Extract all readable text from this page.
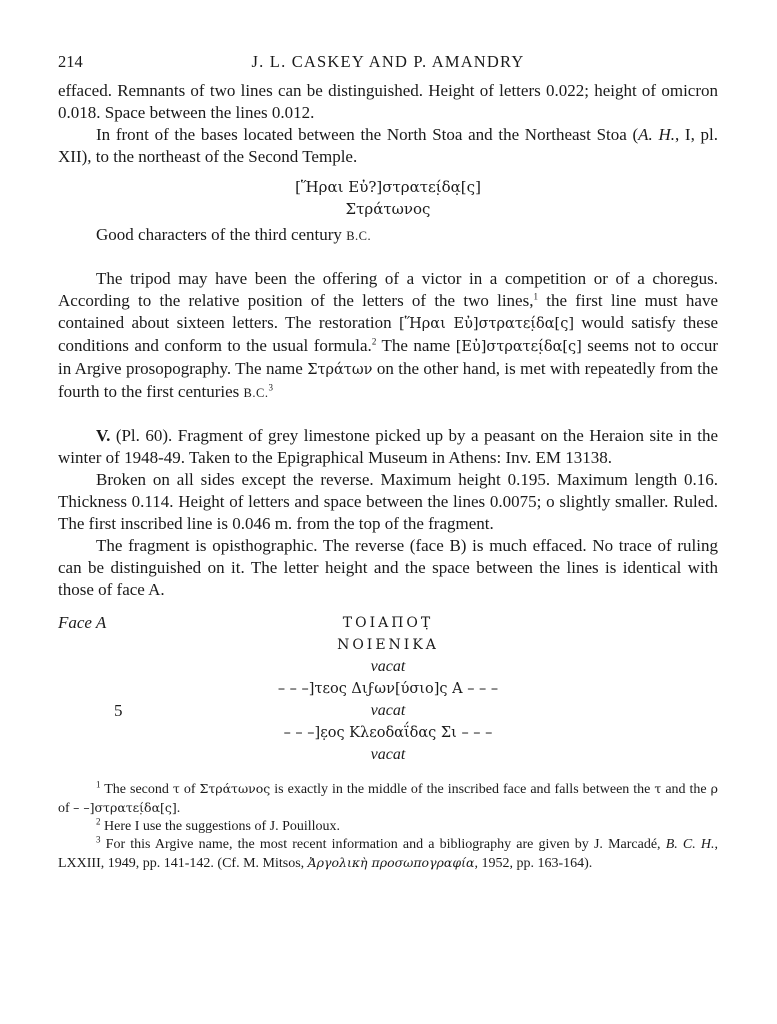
214	J. L. CASKEY AND P. AMANDRY

effaced. Remnants of two lines can be distinguished. Height of letters 0.022; height of omicron 0.018. Space between the lines 0.012.

In front of the bases located between the North Stoa and the Northeast Stoa (A. H., I, pl. XII), to the northeast of the Second Temple.

[Ἥραι Εὐ?]στρατεί̣δα̣[ς]
Στράτωνος

Good characters of the third century B.C.

The tripod may have been the offering of a victor in a competition or of a choregus. According to the relative position of the letters of the two lines,$^1$ the first line must have contained about sixteen letters. The restoration [Ἥραι Εὐ]στρατεί̣δα[ς] would satisfy these conditions and conform to the usual formula.$^2$ The name [Εὐ]στρατεί̣δα[ς] seems not to occur in Argive prosopography. The name Στράτων on the other hand, is met with repeatedly from the fourth to the first centuries B.C.$^3$

V. (Pl. 60). Fragment of grey limestone picked up by a peasant on the Heraion site in the winter of 1948-49. Taken to the Epigraphical Museum in Athens: Inv. EM 13138.

Broken on all sides except the reverse. Maximum height 0.195. Maximum length 0.16. Thickness 0.114. Height of letters and space between the lines 0.0075; o slightly smaller. Ruled. The first inscribed line is 0.046 m. from the top of the fragment.

The fragment is opisthographic. The reverse (face B) is much effaced. No trace of ruling can be distinguished on it. The letter height and the space between the lines is identical with those of face A.

Face A
5
ΤΟΙΑΠΟΤ̣
ΝΟΙΕΝΙΚΑ
vacat
– – –]τεος Διϝων[ύσιο]ς Α – – –
vacat
– – –]ε̣ος Κλεοδαΐδας Σι – – –
vacat

$^1$ The second τ of Στράτωνος is exactly in the middle of the inscribed face and falls between the τ and the ρ of – –]στρατεί̣δα[ς].

$^2$ Here I use the suggestions of J. Pouilloux.

$^3$ For this Argive name, the most recent information and a bibliography are given by J. Marcadé, B. C. H., LXXIII, 1949, pp. 141-142. (Cf. M. Mitsos, Ἀργολικὴ προσωπογραφία, 1952, pp. 163-164).
